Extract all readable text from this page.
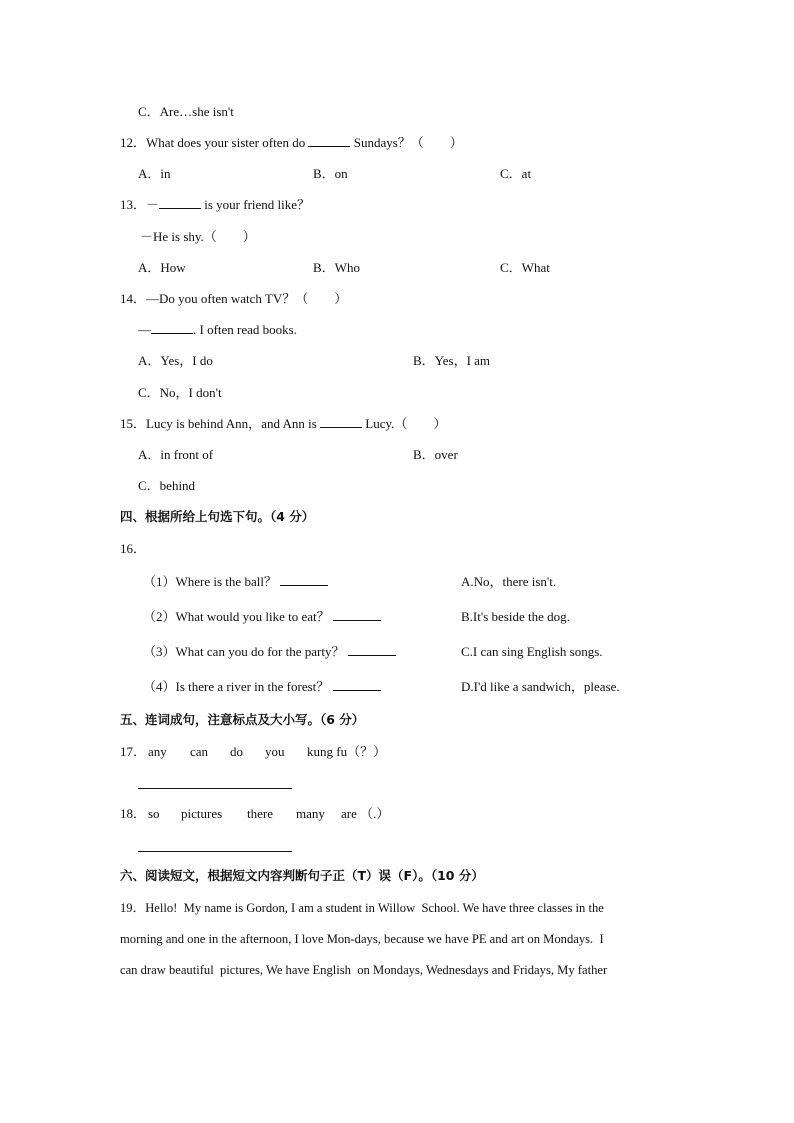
C．Are…she isn't
12．What does your sister often do	Sundays？（　　）
A．in	B．on	C．at
13．－	is your friend like？
－He is shy.（　　）
A．How	B．Who	C．What
14．—Do you often watch TV？（　　）
—	. I often read books.
A．Yes，I do	B．Yes，I am
C．No，I don't
15．Lucy is behind Ann，and Ann is	Lucy.（　　）
A．in front of	B．over
C．behind
四、根据所给上句选下句。（4 分）
16．
（1）Where is the ball？	A.No，there isn't.
（2）What would you like to eat？	B.It's beside the dog.
（3）What can you do for the party？	C.I can sing English songs.
（4）Is there a river in the forest？	D.I'd like a sandwich，please.
五、连词成句，注意标点及大小写。（6 分）
17． any can do you kung fu（？）
18． so pictures there many are （.）
六、阅读短文，根据短文内容判断句子正（T）误（F）。（10 分）
19．Hello!  My name is Gordon, I am a student in Willow  School. We have three classes in the
morning and one in the afternoon, I love Mon-days, because we have PE and art on Mondays.  I
can draw beautiful  pictures, We have English  on Mondays, Wednesdays and Fridays, My father
